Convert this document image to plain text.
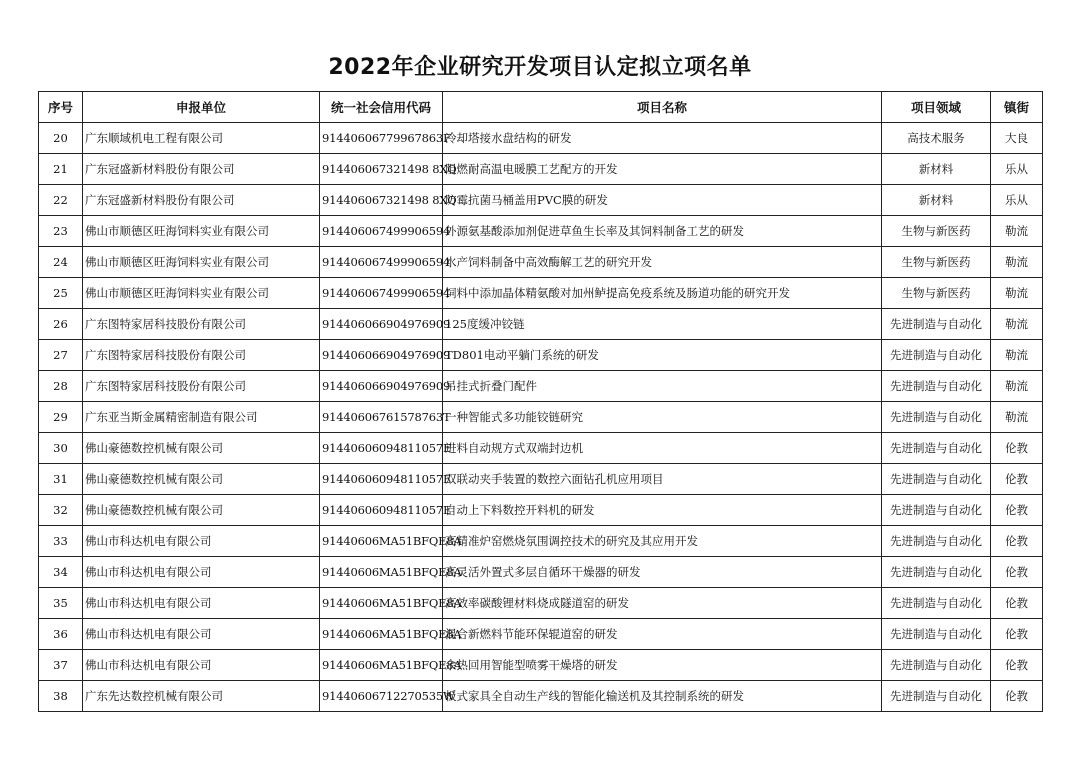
2022年企业研究开发项目认定拟立项名单
序号	申报单位	统一社会信用代码	项目名称	项目领域	镇街
20	广东顺域机电工程有限公司	91440606779967863F	冷却塔接水盘结构的研发	高技术服务	大良
21	广东冠盛新材料股份有限公司	914406067321498 8XQ	阻燃耐高温电暖膜工艺配方的开发	新材料	乐从
22	广东冠盛新材料股份有限公司	914406067321498 8XQ	防霉抗菌马桶盖用PVC膜的研发	新材料	乐从
23	佛山市顺德区旺海饲料实业有限公司	914406067499906594	外源氨基酸添加剂促进草鱼生长率及其饲料制备工艺的研发	生物与新医药	勒流
24	佛山市顺德区旺海饲料实业有限公司	914406067499906594	水产饲料制备中高效酶解工艺的研究开发	生物与新医药	勒流
25	佛山市顺德区旺海饲料实业有限公司	914406067499906594	饲料中添加晶体精氨酸对加州鲈提高免疫系统及肠道功能的研究开发	生物与新医药	勒流
26	广东图特家居科技股份有限公司	914406066904976909	125度缓冲铰链	先进制造与自动化	勒流
27	广东图特家居科技股份有限公司	914406066904976909	TD801电动平躺门系统的研发	先进制造与自动化	勒流
28	广东图特家居科技股份有限公司	914406066904976909	吊挂式折叠门配件	先进制造与自动化	勒流
29	广东亚当斯金属精密制造有限公司	91440606761578763T	一种智能式多功能铰链研究	先进制造与自动化	勒流
30	佛山豪德数控机械有限公司	91440606094811057E	进料自动规方式双端封边机	先进制造与自动化	伦教
31	佛山豪德数控机械有限公司	91440606094811057E	双联动夹手装置的数控六面钻孔机应用项目	先进制造与自动化	伦教
32	佛山豪德数控机械有限公司	91440606094811057E	自动上下料数控开料机的研发	先进制造与自动化	伦教
33	佛山市科达机电有限公司	91440606MA51BFQE8A	高精准炉窑燃烧氛围调控技术的研究及其应用开发	先进制造与自动化	伦教
34	佛山市科达机电有限公司	91440606MA51BFQE8A	高灵活外置式多层自循环干燥器的研发	先进制造与自动化	伦教
35	佛山市科达机电有限公司	91440606MA51BFQE8A	高效率碳酸锂材料烧成隧道窑的研发	先进制造与自动化	伦教
36	佛山市科达机电有限公司	91440606MA51BFQE8A	混合新燃料节能环保辊道窑的研发	先进制造与自动化	伦教
37	佛山市科达机电有限公司	91440606MA51BFQE8A	余热回用智能型喷雾干燥塔的研发	先进制造与自动化	伦教
38	广东先达数控机械有限公司	91440606712270535W	板式家具全自动生产线的智能化输送机及其控制系统的研发	先进制造与自动化	伦教
